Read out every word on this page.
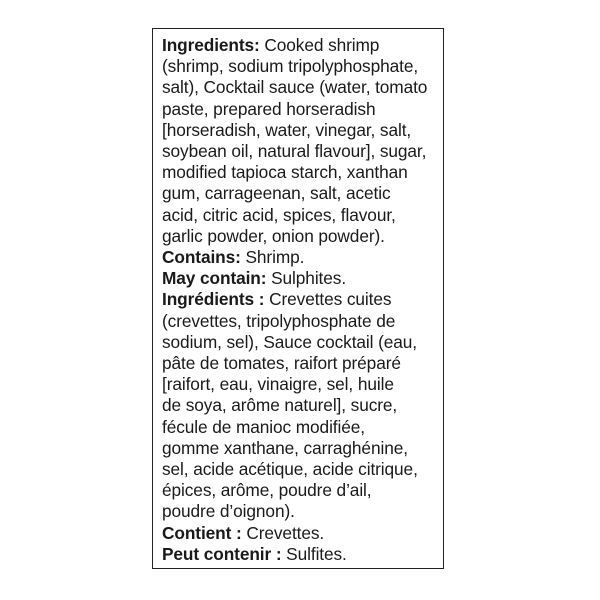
Ingredients: Cooked shrimp
(shrimp, sodium tripolyphosphate,
salt), Cocktail sauce (water, tomato
paste, prepared horseradish
[horseradish, water, vinegar, salt,
soybean oil, natural flavour], sugar,
modified tapioca starch, xanthan
gum, carrageenan, salt, acetic
acid, citric acid, spices, flavour,
garlic powder, onion powder).
Contains: Shrimp.
May contain: Sulphites.
Ingrédients : Crevettes cuites
(crevettes, tripolyphosphate de
sodium, sel), Sauce cocktail (eau,
pâte de tomates, raifort préparé
[raifort, eau, vinaigre, sel, huile
de soya, arôme naturel], sucre,
fécule de manioc modifiée,
gomme xanthane, carraghénine,
sel, acide acétique, acide citrique,
épices, arôme, poudre d’ail,
poudre d’oignon).
Contient : Crevettes.
Peut contenir : Sulfites.
